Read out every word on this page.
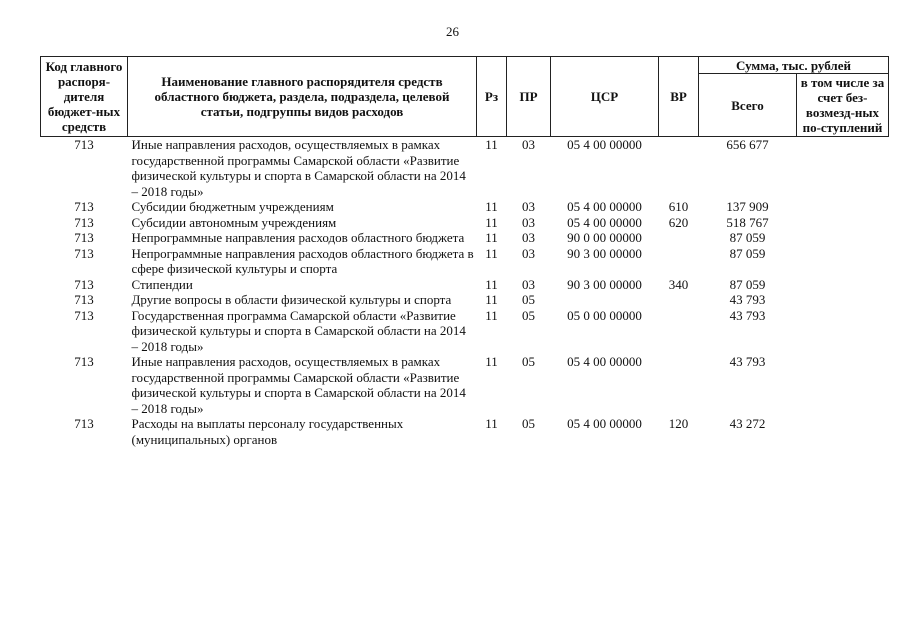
26
Код главного распоря-дителя бюджет-ных средств	Наименование главного распорядителя средств областного бюджета, раздела, подраздела, целевой статьи, подгруппы видов расходов	Рз	ПР	ЦСР	ВР	Сумма, тыс. рублей	
						Всего	в том числе за счет без-возмезд-ных по-ступлений
713	Иные направления расходов, осуществляемых в рамках государственной программы Самарской области «Развитие физической культуры и спорта в Самарской области на 2014 – 2018 годы»	11	03	05 4 00 00000		656 677	
713	Субсидии бюджетным учреждениям	11	03	05 4 00 00000	610	137 909	
713	Субсидии автономным учреждениям	11	03	05 4 00 00000	620	518 767	
713	Непрограммные направления расходов областного бюджета	11	03	90 0 00 00000		87 059	
713	Непрограммные направления расходов областного бюджета в сфере физической культуры и спорта	11	03	90 3 00 00000		87 059	
713	Стипендии	11	03	90 3 00 00000	340	87 059	
713	Другие вопросы в области физической культуры и спорта	11	05			43 793	
713	Государственная программа Самарской области «Развитие физической культуры и спорта в Самарской области на 2014 – 2018 годы»	11	05	05 0 00 00000		43 793	
713	Иные направления расходов, осуществляемых в рамках государственной программы Самарской области «Развитие физической культуры и спорта в Самарской области на 2014 – 2018 годы»	11	05	05 4 00 00000		43 793	
713	Расходы на выплаты персоналу государственных (муниципальных) органов	11	05	05 4 00 00000	120	43 272	
